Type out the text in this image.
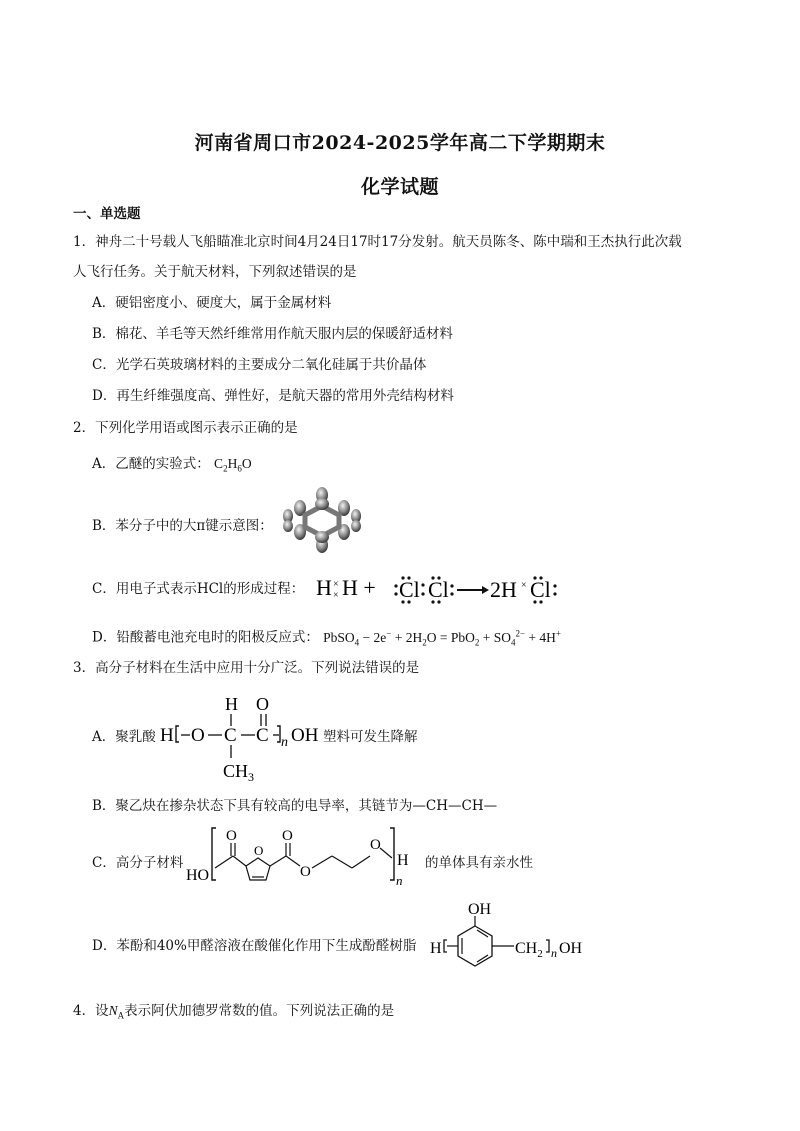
河南省周口市2024-2025学年高二下学期期末
化学试题
一、单选题
1．神舟二十号载人飞船瞄准北京时间4月24日17时17分发射。航天员陈冬、陈中瑞和王杰执行此次载
人飞行任务。关于航天材料，下列叙述错误的是
A．硬铝密度小、硬度大，属于金属材料
B．棉花、羊毛等天然纤维常用作航天服内层的保暖舒适材料
C．光学石英玻璃材料的主要成分二氧化硅属于共价晶体
D．再生纤维强度高、弹性好，是航天器的常用外壳结构材料
2．下列化学用语或图示表示正确的是
A．乙醚的实验式： $C_2H_6O$
B．苯分子中的大π键示意图：
C．用电子式表示HCl的形成过程： H ×
× H + Cl Cl 2H × Cl
D．铅酸蓄电池充电时的阳极反应式： PbSO$_4$ − $2e^- + 2H_2O = PbO_2 + SO_4^{2-} + 4H^+$
3．高分子材料在生活中应用十分广泛。下列说法错误的是
A．聚乳酸 H O C
H
$CH_3$
C
O
n OH 塑料可发生降解
B．聚乙炔在掺杂状态下具有较高的电导率，其链节为—CH—CH—
C．高分子材料
HO
O
O
O
O
O
H
n
的单体具有亲水性
D．苯酚和40%甲醛溶液在酸催化作用下生成酚醛树脂 H
OH
$CH_2$ n OH
4．设$N_A$表示阿伏加德罗常数的值。下列说法正确的是
